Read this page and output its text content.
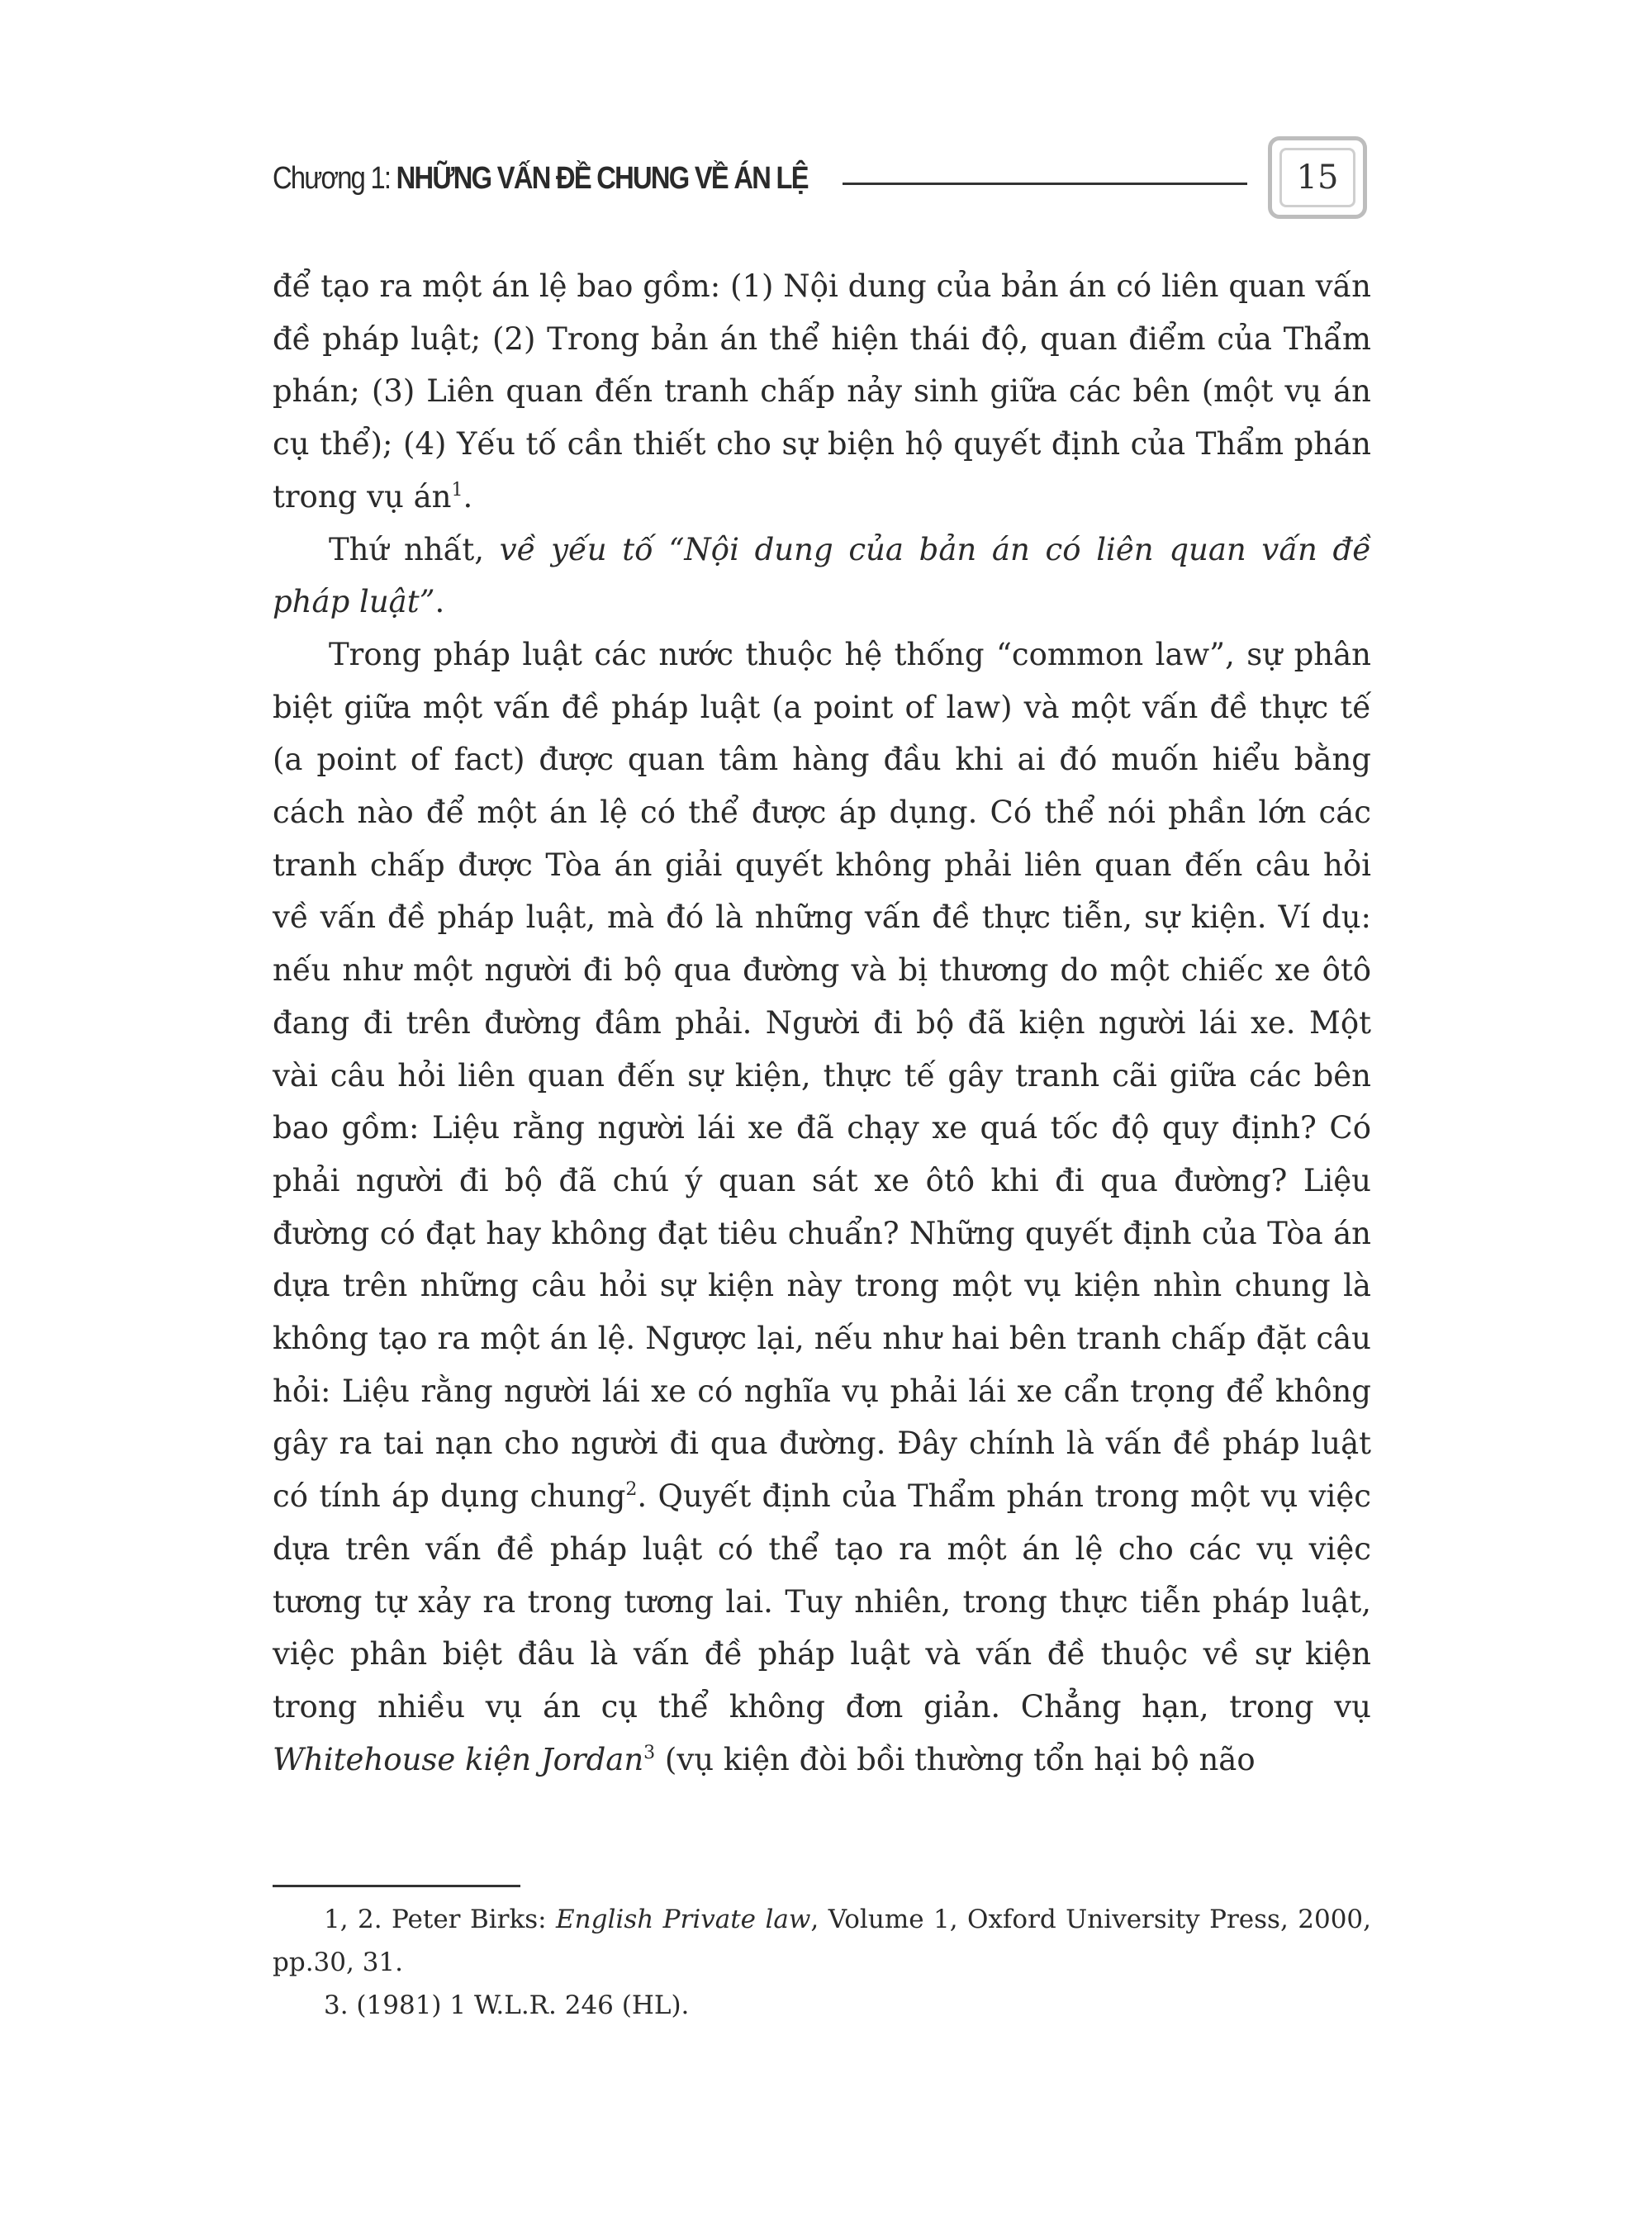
Chương 1: NHỮNG VẤN ĐỀ CHUNG VỀ ÁN LỆ	15

để tạo ra một án lệ bao gồm: (1) Nội dung của bản án có liên quan vấn đề pháp luật; (2) Trong bản án thể hiện thái độ, quan điểm của Thẩm phán; (3) Liên quan đến tranh chấp nảy sinh giữa các bên (một vụ án cụ thể); (4) Yếu tố cần thiết cho sự biện hộ quyết định của Thẩm phán trong vụ $án^1$.

Thứ nhất, về yếu tố “Nội dung của bản án có liên quan vấn đề pháp luật”.

Trong pháp luật các nước thuộc hệ thống “common law”, sự phân biệt giữa một vấn đề pháp luật (a point of law) và một vấn đề thực tế (a point of fact) được quan tâm hàng đầu khi ai đó muốn hiểu bằng cách nào để một án lệ có thể được áp dụng. Có thể nói phần lớn các tranh chấp được Tòa án giải quyết không phải liên quan đến câu hỏi về vấn đề pháp luật, mà đó là những vấn đề thực tiễn, sự kiện. Ví dụ: nếu như một người đi bộ qua đường và bị thương do một chiếc xe ôtô đang đi trên đường đâm phải. Người đi bộ đã kiện người lái xe. Một vài câu hỏi liên quan đến sự kiện, thực tế gây tranh cãi giữa các bên bao gồm: Liệu rằng người lái xe đã chạy xe quá tốc độ quy định? Có phải người đi bộ đã chú ý quan sát xe ôtô khi đi qua đường? Liệu đường có đạt hay không đạt tiêu chuẩn? Những quyết định của Tòa án dựa trên những câu hỏi sự kiện này trong một vụ kiện nhìn chung là không tạo ra một án lệ. Ngược lại, nếu như hai bên tranh chấp đặt câu hỏi: Liệu rằng người lái xe có nghĩa vụ phải lái xe cẩn trọng để không gây ra tai nạn cho người đi qua đường. Đây chính là vấn đề pháp luật có tính áp dụng chung$^2$. Quyết định của Thẩm phán trong một vụ việc dựa trên vấn đề pháp luật có thể tạo ra một án lệ cho các vụ việc tương tự xảy ra trong tương lai. Tuy nhiên, trong thực tiễn pháp luật, việc phân biệt đâu là vấn đề pháp luật và vấn đề thuộc về sự kiện trong nhiều vụ án cụ thể không đơn giản. Chẳng hạn, trong vụ Whitehouse kiện Jordan$^3$ (vụ kiện đòi bồi thường tổn hại bộ não

1, 2. Peter Birks: English Private law, Volume 1, Oxford University Press, 2000, pp.30, 31.

3. (1981) 1 W.L.R. 246 (HL).
